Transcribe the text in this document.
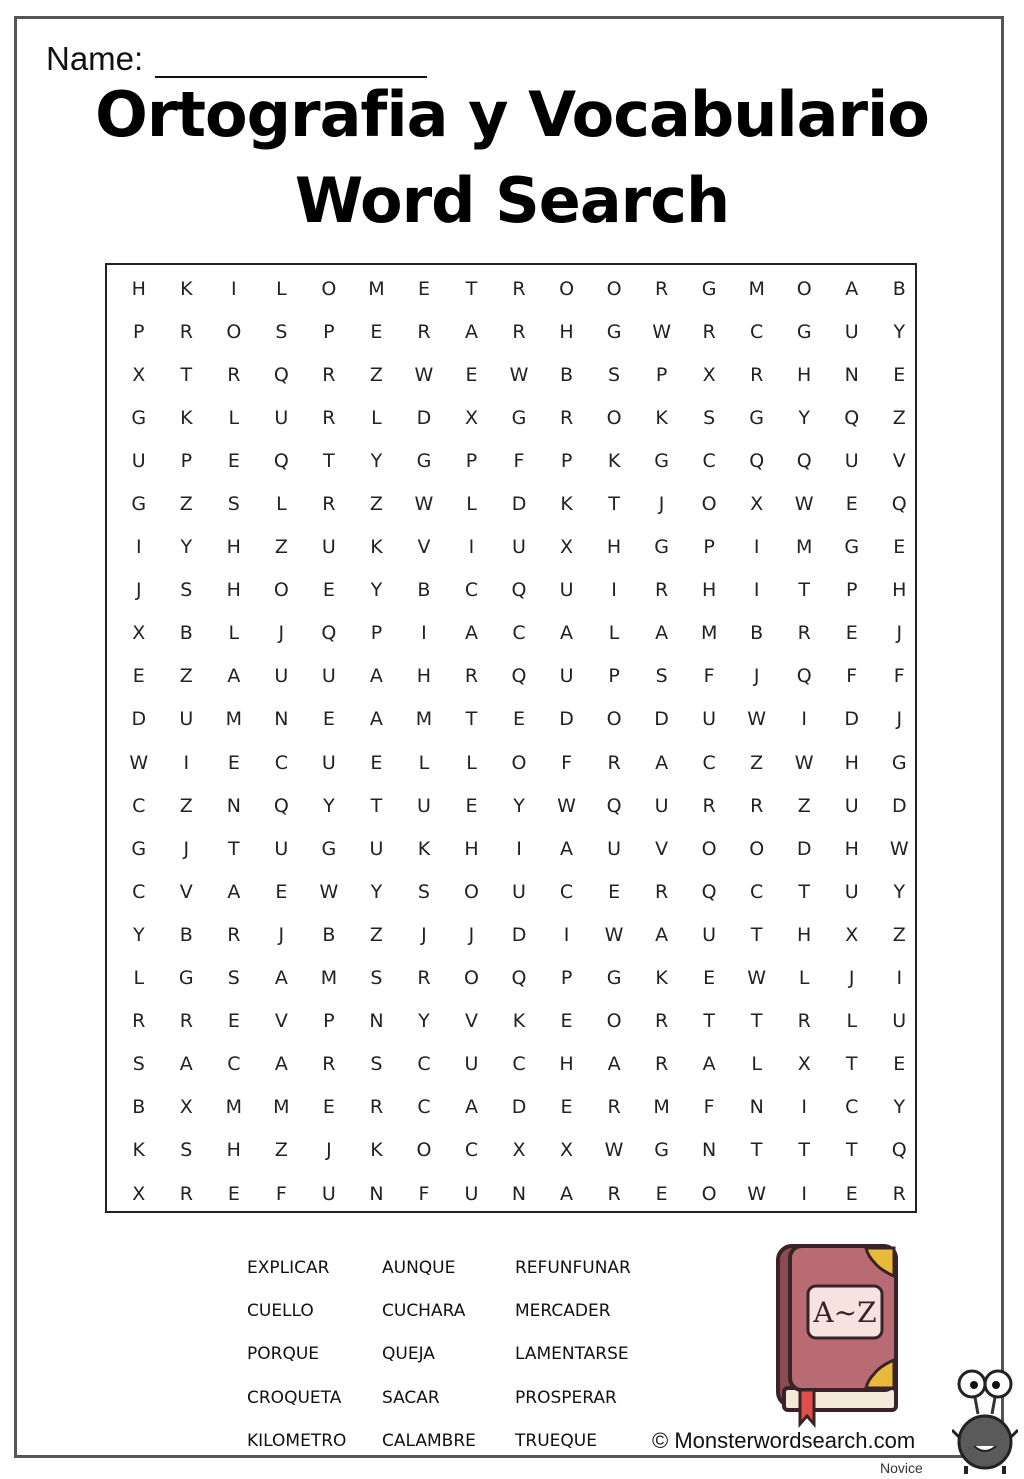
Name:
Ortografia y Vocabulario
Word Search
H	K	I	L	O	M	E	T	R	O	O	R	G	M	O	A	B
P	R	O	S	P	E	R	A	R	H	G	W	R	C	G	U	Y
X	T	R	Q	R	Z	W	E	W	B	S	P	X	R	H	N	E
G	K	L	U	R	L	D	X	G	R	O	K	S	G	Y	Q	Z
U	P	E	Q	T	Y	G	P	F	P	K	G	C	Q	Q	U	V
G	Z	S	L	R	Z	W	L	D	K	T	J	O	X	W	E	Q
I	Y	H	Z	U	K	V	I	U	X	H	G	P	I	M	G	E
J	S	H	O	E	Y	B	C	Q	U	I	R	H	I	T	P	H
X	B	L	J	Q	P	I	A	C	A	L	A	M	B	R	E	J
E	Z	A	U	U	A	H	R	Q	U	P	S	F	J	Q	F	F
D	U	M	N	E	A	M	T	E	D	O	D	U	W	I	D	J
W	I	E	C	U	E	L	L	O	F	R	A	C	Z	W	H	G
C	Z	N	Q	Y	T	U	E	Y	W	Q	U	R	R	Z	U	D
G	J	T	U	G	U	K	H	I	A	U	V	O	O	D	H	W
C	V	A	E	W	Y	S	O	U	C	E	R	Q	C	T	U	Y
Y	B	R	J	B	Z	J	J	D	I	W	A	U	T	H	X	Z
L	G	S	A	M	S	R	O	Q	P	G	K	E	W	L	J	I
R	R	E	V	P	N	Y	V	K	E	O	R	T	T	R	L	U
S	A	C	A	R	S	C	U	C	H	A	R	A	L	X	T	E
B	X	M	M	E	R	C	A	D	E	R	M	F	N	I	C	Y
K	S	H	Z	J	K	O	C	X	X	W	G	N	T	T	T	Q
X	R	E	F	U	N	F	U	N	A	R	E	O	W	I	E	R
EXPLICAR
CUELLO
PORQUE
CROQUETA
KILOMETRO
AUNQUE
CUCHARA
QUEJA
SACAR
CALAMBRE
REFUNFUNAR
MERCADER
LAMENTARSE
PROSPERAR
TRUEQUE
A~Z
© Monsterwordsearch.com
Novice
